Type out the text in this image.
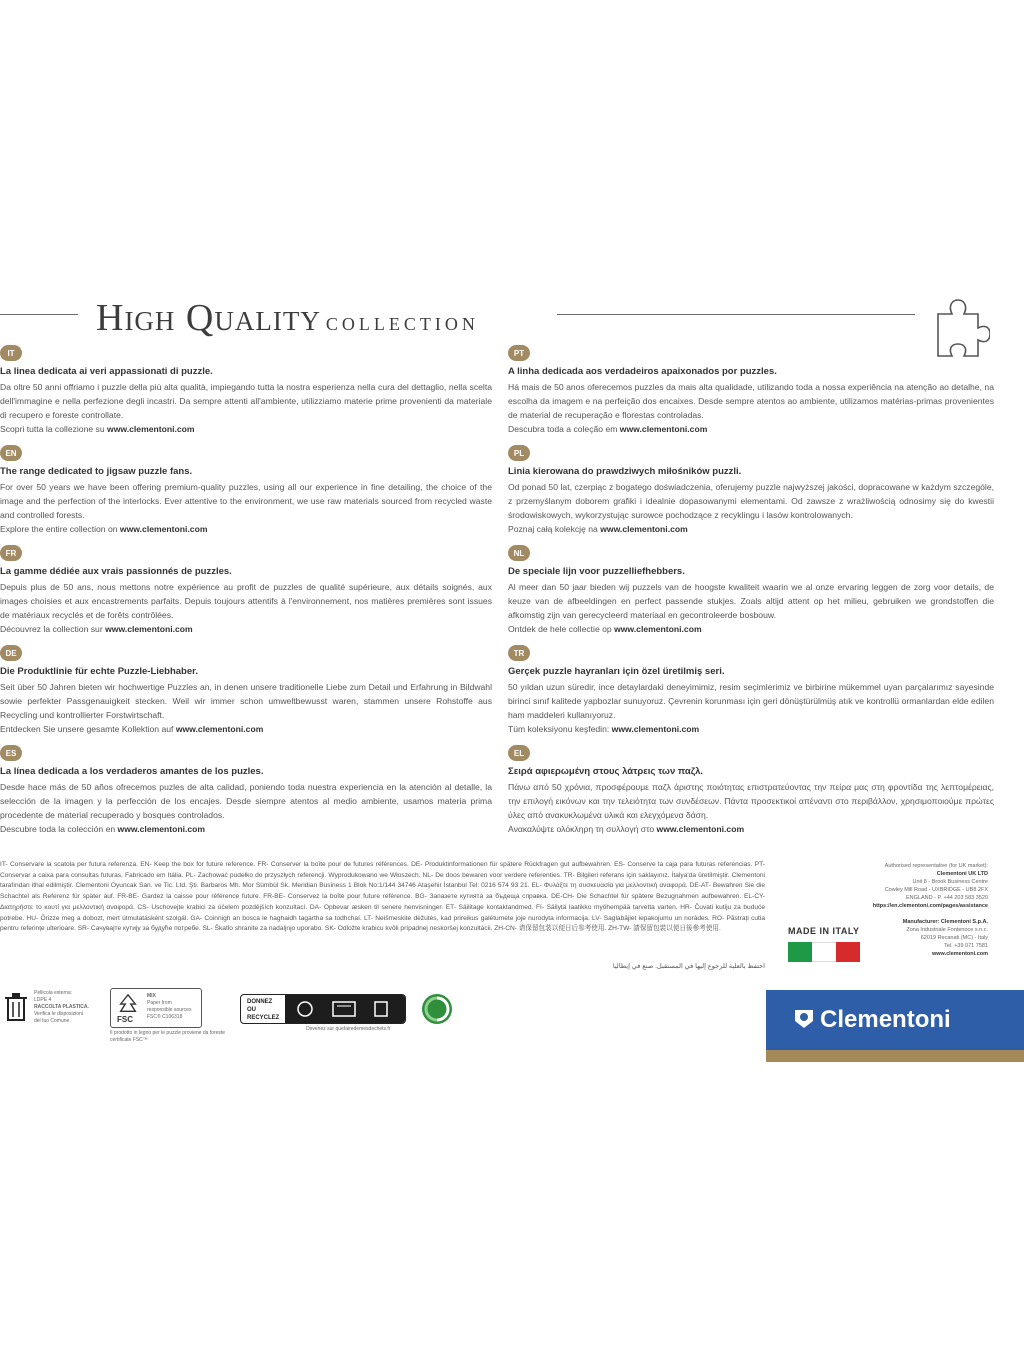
High Quality collection
IT
La linea dedicata ai veri appassionati di puzzle.
Da oltre 50 anni offriamo i puzzle della più alta qualità, impiegando tutta la nostra esperienza nella cura del dettaglio, nella scelta dell'immagine e nella perfezione degli incastri. Da sempre attenti all'ambiente, utilizziamo materie prime provenienti da materiale di recupero e foreste controllate.
Scopri tutta la collezione su www.clementoni.com
EN
The range dedicated to jigsaw puzzle fans.
For over 50 years we have been offering premium-quality puzzles, using all our experience in fine detailing, the choice of the image and the perfection of the interlocks. Ever attentive to the environment, we use raw materials sourced from recycled waste and controlled forests.
Explore the entire collection on www.clementoni.com
FR
La gamme dédiée aux vrais passionnés de puzzles.
Depuis plus de 50 ans, nous mettons notre expérience au profit de puzzles de qualité supérieure, aux détails soignés, aux images choisies et aux encastrements parfaits. Depuis toujours attentifs à l'environnement, nos matières premières sont issues de matériaux recyclés et de forêts contrôlées.
Découvrez la collection sur www.clementoni.com
DE
Die Produktlinie für echte Puzzle-Liebhaber.
Seit über 50 Jahren bieten wir hochwertige Puzzles an, in denen unsere traditionelle Liebe zum Detail und Erfahrung in Bildwahl sowie perfekter Passgenauigkeit stecken. Weil wir immer schon umweltbewusst waren, stammen unsere Rohstoffe aus Recycling und kontrollierter Forstwirtschaft.
Entdecken Sie unsere gesamte Kollektion auf www.clementoni.com
ES
La línea dedicada a los verdaderos amantes de los puzles.
Desde hace más de 50 años ofrecemos puzles de alta calidad, poniendo toda nuestra experiencia en la atención al detalle, la selección de la imagen y la perfección de los encajes. Desde siempre atentos al medio ambiente, usamos materia prima procedente de material recuperado y bosques controlados.
Descubre toda la colección en www.clementoni.com
PT
A linha dedicada aos verdadeiros apaixonados por puzzles.
Há mais de 50 anos oferecemos puzzles da mais alta qualidade, utilizando toda a nossa experiência na atenção ao detalhe, na escolha da imagem e na perfeição dos encaixes. Desde sempre atentos ao ambiente, utilizamos matérias-primas provenientes de material de recuperação e florestas controladas.
Descubra toda a coleção em www.clementoni.com
PL
Linia kierowana do prawdziwych miłośników puzzli.
Od ponad 50 lat, czerpiąc z bogatego doświadczenia, oferujemy puzzle najwyższej jakości, dopracowane w każdym szczególe, z przemyślanym doborem grafiki i idealnie dopasowanymi elementami. Od zawsze z wrażliwością odnosimy się do kwestii środowiskowych, wykorzystując surowce pochodzące z recyklingu i lasów kontrolowanych.
Poznaj całą kolekcję na www.clementoni.com
NL
De speciale lijn voor puzzelliefhebbers.
Al meer dan 50 jaar bieden wij puzzels van de hoogste kwaliteit waarin we al onze ervaring leggen de zorg voor details, de keuze van de afbeeldingen en perfect passende stukjes. Zoals altijd attent op het milieu, gebruiken we grondstoffen die afkomstig zijn van gerecycleerd materiaal en gecontroleerde bosbouw.
Ontdek de hele collectie op www.clementoni.com
TR
Gerçek puzzle hayranları için özel üretilmiş seri.
50 yıldan uzun süredir, ince detaylardaki deneyimimiz, resim seçimlerimiz ve birbirine mükemmel uyan parçalarımız sayesinde birinci sınıf kalitede yapbozlar sunuyoruz. Çevrenin korunması için geri dönüştürülmüş atık ve kontrollü ormanlardan elde edilen ham maddeleri kullanıyoruz.
Tüm koleksiyonu keşfedin: www.clementoni.com
EL
Σειρά αφιερωμένη στους λάτρεις των παζλ.
Πάνω από 50 χρόνια, προσφέρουμε παζλ άριστης ποιότητας επιστρατεύοντας την πείρα μας στη φροντίδα της λεπτομέρειας, την επιλογή εικόνων και την τελειότητα των συνδέσεων. Πάντα προσεκτικοί απέναντι στο περιβάλλον, χρησιμοποιούμε πρώτες ύλες από ανακυκλωμένα υλικά και ελεγχόμενα δάση.
Ανακαλύψτε ολόκληρη τη συλλογή στο www.clementoni.com
IT- Conservare la scatola per futura referenza. EN- Keep the box for future reference. FR- Conserver la boîte pour de futures références. DE- Produktinformationen für spätere Rückfragen gut aufbewahren. ES- Conserve la caja para futuras referencias. PT- Conservar a caixa para consultas futuras. Fabricado em Itália. PL- Zachować pudełko do przyszłych referencji. Wyprodukowano we Włoszech. NL- De doos bewaren voor verdere referenties. TR- Bilgileri referans için saklayınız. İtalya'da üretilmiştir. Clementoni tarafından ithal edilmiştir. Clementoni Oyuncak San. ve Tic. Ltd. Şti. Barbaros Mh. Mor Sümbül Sk. Meridian Business 1 Blok No:1/144 34746 Ataşehir İstanbul Tel: 0216 574 93 21. EL- Φυλάξτε τη συσκευασία για μελλοντική αναφορά. DE-AT- Bewahren Sie die Schachtel als Referenz für später auf. FR-BE- Gardez la caisse pour référence future. FR-BE- Conservez la boîte pour future référence. BG- Запазете кутията за бъдеща справка. DE-CH- Die Schachtel für spätere Bezugnahmen aufbewahren. EL-CY- Διατηρήστε το κουτί για μελλοντική αναφορά. CS- Uschovejte krabici za účelem pozdějších konzultací. DA- Opbevar æsken til senere henvisninger. ET- Säilitage kontaktandmed. FI- Säilytä laatikko myöhempää tarvetta varten. HR- Čuvati kutiju za buduće potrebe. HU- Őrizze meg a dobozt, mert útmutatásként szolgál. GA- Coinnigh an bosca le haghaidh tagartha sa todhchaí. LT- Neišmeskite dėžutės, kad prireikus galėtumėte joje nurodyta informacija. LV- Saglabājiet iepakojumu un norādes. RO- Păstrați cutia pentru referințe ulterioare. SR- Сачувајте кутију за будуће потребе. SL- Škatlo shranite za nadaljnjo uporabo. SK- Odložte krabicu kvôli prípadnej neskoršej konzultácii. ZH-CN- 请保留包装以便日后参考使用. ZH-TW- 請保留包裝以便日後參考使用.
احتفظ بالعلبة للرجوع إليها في المستقبل. صنع في إيطاليا
Authorised representative (for UK market):
Clementoni UK LTD
Unit 8 - Brook Business Centre
Cowley Mill Road - UXBRIDGE - UB8 2FX
ENGLAND - P. +44 203 583 3520
https://en.clementoni.com/pages/assistance
Manufacturer: Clementoni S.p.A.
Zona Industriale Fontenoce s.n.c.
62019 Recanati (MC) - Italy
Tel. +39 071 7581
www.clementoni.com
MADE IN ITALY
Pellicola esterna:
LDPE 4
RACCOLTA PLASTICA.
Verifica le disposizioni
del tuo Comune.	FSC
MIX
Paper from
responsible sources
FSC® C106318
Il prodotto in legno per le puzzle proviene da foreste certificate FSC™
DONNEZ
OU
RECYCLEZ
Devenez sur quefairedemesdechets.fr	Clementoni
